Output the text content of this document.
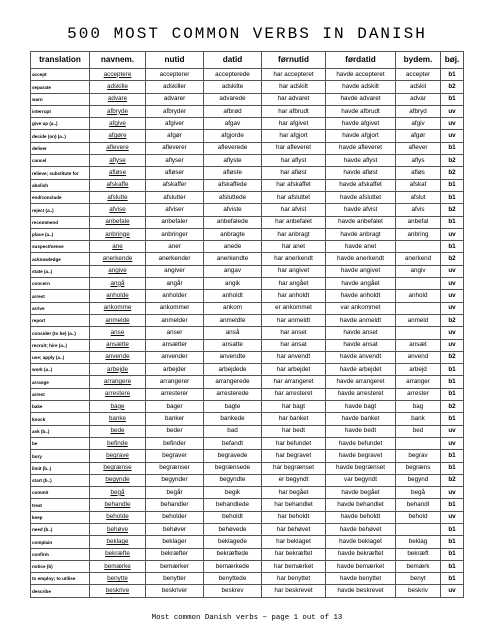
500 MOST COMMON VERBS IN DANISH
translation	navnem.	nutid	datid	førnutid	førdatid	bydem.	bøj.
accept	acceptere	accepterer	accepterede	har accepteret	havde accepteret	accepter	b1
separate	adskille	adskiller	adskilte	har adskilt	havde adskilt	adskil	b2
warn	advare	advarer	advarede	har advaret	havde advaret	advar	b1
interrupt	afbryde	afbryder	afbrød	har afbrudt	havde afbrudt	afbryd	uv
give up (a..)	afgive	afgiver	afgav	har afgivet	havde afgivet	afgiv	uv
decide (on) (a..)	afgøre	afgør	afgjorde	har afgjort	havde afgjort	afgør	uv
deliver	aflevere	afleverer	afleverede	har afleveret	havde afleveret	aflever	b1
cancel	aflyse	aflyser	aflyste	har aflyst	havde aflyst	aflys	b2
relieve; substitute for	afløse	afløser	afløste	har afløst	havde afløst	afløs	b2
abolish	afskaffe	afskaffer	afskaffede	har afskaffet	havde afskaffet	afskaf	b1
end/conclude	afslutte	afslutter	afsluttede	har afsluttet	havde afsluttet	afslut	b1
reject (a..)	afvise	afviser	afviste	har afvist	havde afvist	afvis	b2
recommend	anbefale	anbefaler	anbefalede	har anbefalet	havde anbefalet	anbefal	b1
place (a..)	anbringe	anbringer	anbragte	har anbragt	havde anbragt	anbring	uv
suspect/sense	ane	aner	anede	har anet	havde anet		b1
acknowledge	anerkende	anerkender	anerkendte	har anerkendt	havde anerkendt	anerkend	b2
state (a..)	angive	angiver	angav	har angivet	havde angivet	angiv	uv
concern	angå	angår	angik	har angået	havde angået		uv
arrest	anholde	anholder	anholdt	har anholdt	havde anholdt	anhold	uv
arrive	ankomme	ankommer	ankom	er ankommet	var ankommet		uv
report	anmelde	anmelder	anmeldte	har anmeldt	havde anmeldt	anmeld	b2
consider (to be) (a..)	anse	anser	anså	har anset	havde anset		uv
recruit; hire (a..)	ansætte	ansætter	ansatte	har ansat	havde ansat	ansæt	uv
use; apply (a..)	anvende	anvender	anvendte	har anvendt	havde anvendt	anvend	b2
work (a..)	arbejde	arbejder	arbejdede	har arbejdet	havde arbejdet	arbejd	b1
arrange	arrangere	arrangerer	arrangerede	har arrangeret	havde arrangeret	arranger	b1
arrest	arrestere	arresterer	arresterede	har arresteret	havde arresteret	arrester	b1
bake	bage	bager	bagte	har bagt	havde bagt	bag	b2
knock	banke	banker	bankede	har banket	havde banket	bank	b1
ask (b..)	bede	beder	bad	har bedt	havde bedt	bed	uv
be	befinde	befinder	befandt	har befundet	havde befundet		uv
bury	begrave	begraver	begravede	har begravet	havde begravet	begrav	b1
limit (b..)	begrænse	begrænser	begrænsede	har begrænset	havde begrænset	begræns	b1
start (b..)	begynde	begynder	begyndte	er begyndt	var begyndt	begynd	b2
commit	begå	begår	begik	har begået	havde begået	begå	uv
treat	behandle	behandler	behandlede	har behandlet	havde behandlet	behandl	b1
keep	beholde	beholder	beholdt	har beholdt	havde beholdt	behold	uv
need (b..)	behøve	behøver	behøvede	har behøvet	havde behøvet		b1
complain	beklage	beklager	beklagede	har beklaget	havde beklaget	beklag	b1
confirm	bekræfte	bekræfter	bekræftede	har bekræftet	havde bekræftet	bekræft	b1
notice (b)	bemærke	bemærker	bemærkede	har bemærket	havde bemærket	bemærk	b1
to employ; to utilise	benytte	benytter	benyttede	har benyttet	havde benyttet	benyt	b1
describe	beskrive	beskriver	beskrev	har beskrevet	havde beskrevet	beskriv	uv
Most common Danish verbs ~ page 1 out of 13
